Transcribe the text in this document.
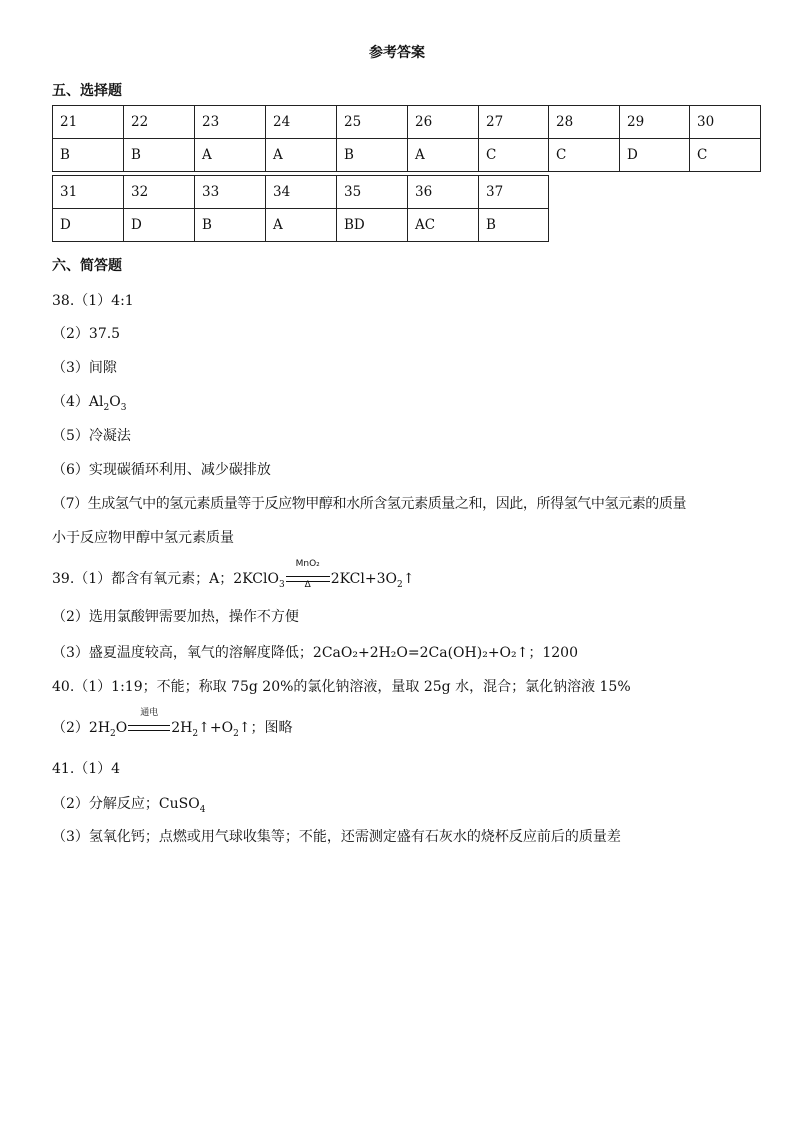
参考答案
五、选择题
21	22	23	24	25	26	27	28	29	30
B	B	A	A	B	A	C	C	D	C
31	32	33	34	35	36	37
D	D	B	A	BD	AC	B
六、简答题
38.（1）4:1
（2）37.5
（3）间隙
$(4)Al_2O_3$
（5）冷凝法
（6）实现碳循环利用、减少碳排放
（7）生成氢气中的氢元素质量等于反应物甲醇和水所含氢元素质量之和，因此，所得氢气中氢元素的质量
小于反应物甲醇中氢元素质量
39.（1）都含有氧元素；A；2KClO$_3$
MnO₂
Δ	$2KCl+3O_2↑$
（2）选用氯酸钾需要加热，操作不方便
（3）盛夏温度较高，氧气的溶解度降低；2CaO₂+2H₂O=2Ca(OH)₂+O₂↑；1200
40.（1）1:19；不能；称取 75g 20%的氯化钠溶液，量取 25g 水，混合；氯化钠溶液 15%
$(2)2H_2O$
通电
$2H_2↑+O_2↑$；图略
41.（1）4
（2）分解反应；CuSO$_4$
（3）氢氧化钙；点燃或用气球收集等；不能，还需测定盛有石灰水的烧杯反应前后的质量差
